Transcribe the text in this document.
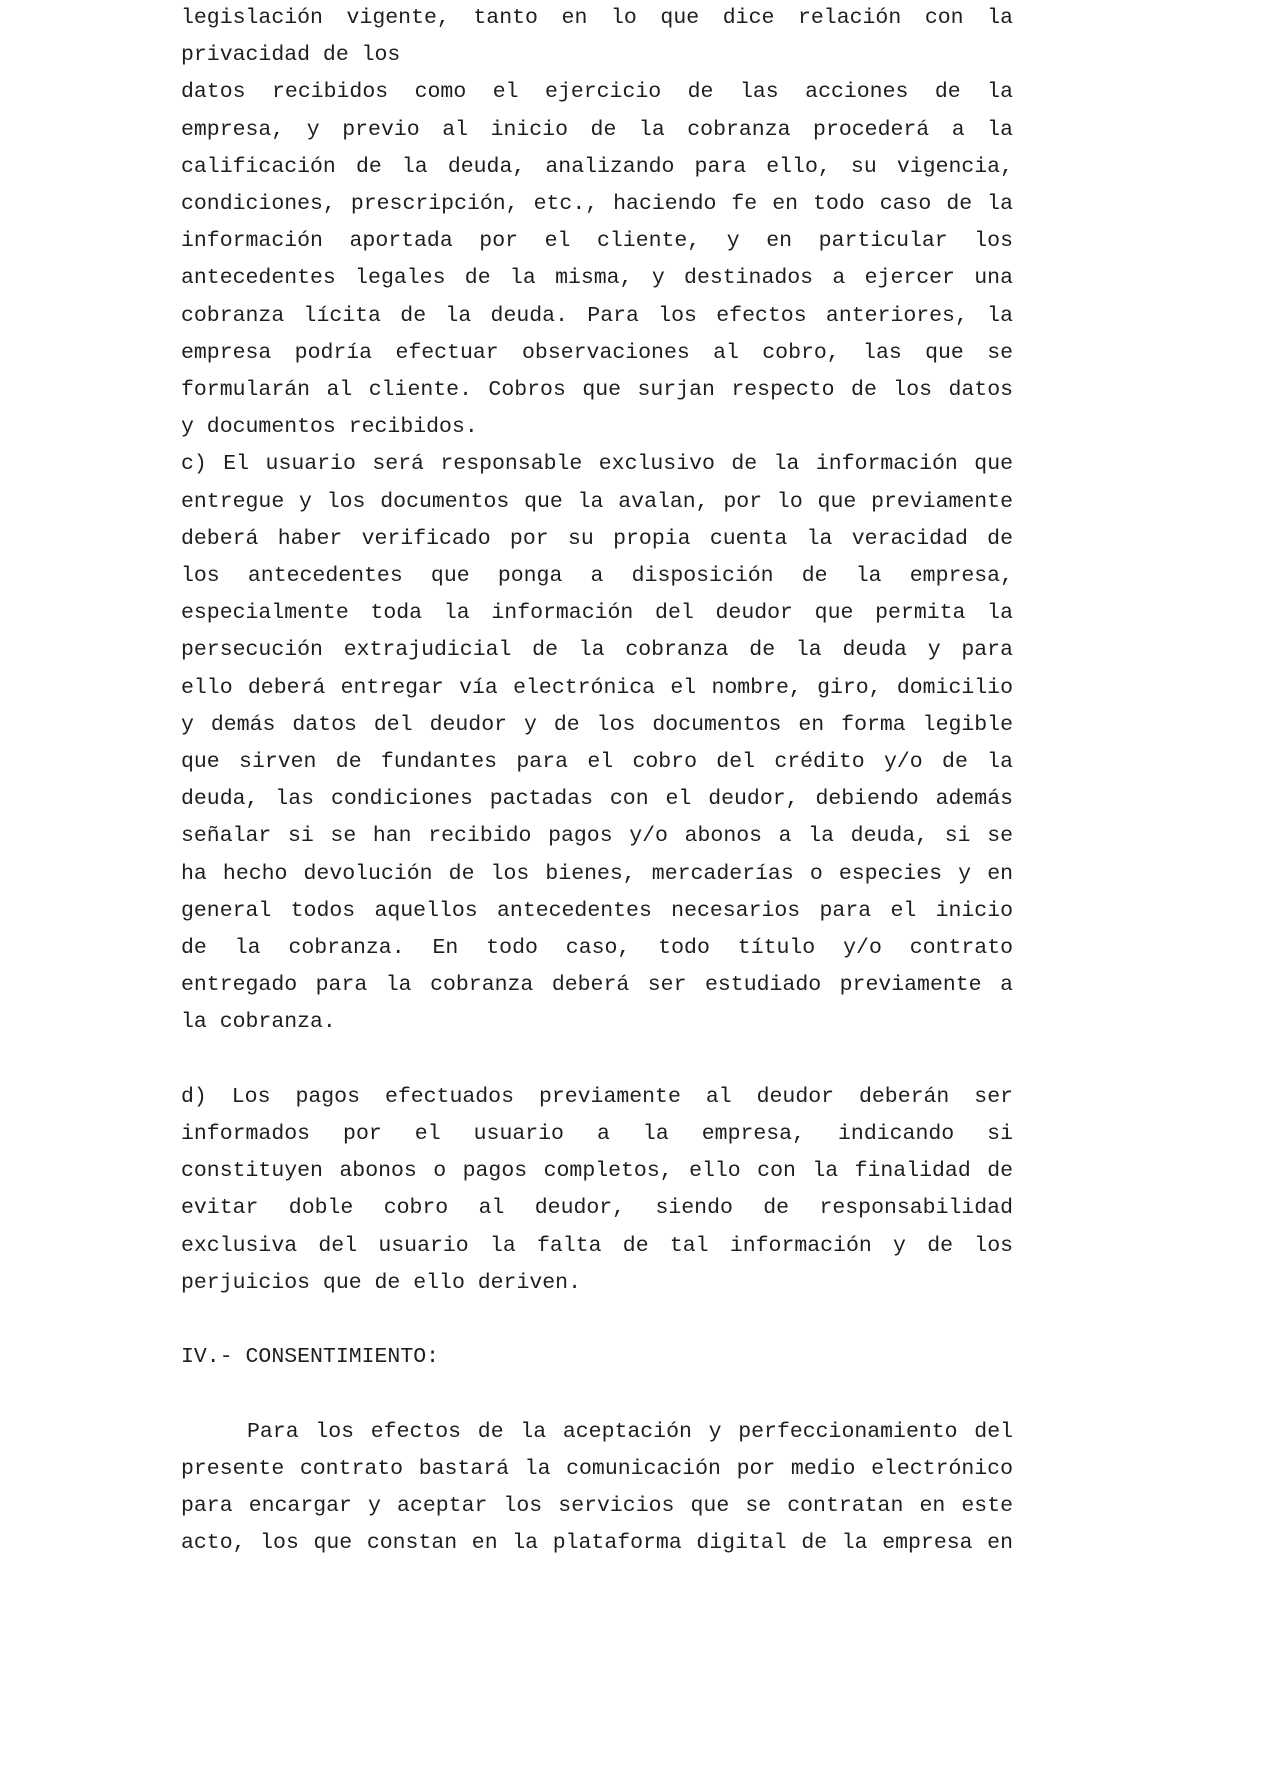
legislación vigente, tanto en lo que dice relación con la
privacidad de los
datos recibidos como el ejercicio de las acciones de la
empresa, y previo al inicio de la cobranza procederá a la
calificación de la deuda, analizando para ello, su vigencia,
condiciones, prescripción, etc., haciendo fe en todo caso de la
información aportada por el cliente, y en particular los
antecedentes legales de la misma, y destinados a ejercer una
cobranza lícita de la deuda. Para los efectos anteriores, la
empresa podría efectuar observaciones al cobro, las que se
formularán al cliente. Cobros que surjan respecto de los datos
y documentos recibidos.
c) El usuario será responsable exclusivo de la información que
entregue y los documentos que la avalan, por lo que previamente
deberá haber verificado por su propia cuenta la veracidad de
los antecedentes que ponga a disposición de la empresa,
especialmente toda la información del deudor que permita la
persecución extrajudicial de la cobranza de la deuda y para
ello deberá entregar vía electrónica el nombre, giro, domicilio
y demás datos del deudor y de los documentos en forma legible
que sirven de fundantes para el cobro del crédito y/o de la
deuda, las condiciones pactadas con el deudor, debiendo además
señalar si se han recibido pagos y/o abonos a la deuda, si se
ha hecho devolución de los bienes, mercaderías o especies y en
general todos aquellos antecedentes necesarios para el inicio
de la cobranza. En todo caso, todo título y/o contrato
entregado para la cobranza deberá ser estudiado previamente a
la cobranza.
d) Los pagos efectuados previamente al deudor deberán ser
informados por el usuario a la empresa, indicando si
constituyen abonos o pagos completos, ello con la finalidad de
evitar doble cobro al deudor, siendo de responsabilidad
exclusiva del usuario la falta de tal información y de los
perjuicios que de ello deriven.
IV.- CONSENTIMIENTO:
Para los efectos de la aceptación y perfeccionamiento del
presente contrato bastará la comunicación por medio electrónico
para encargar y aceptar los servicios que se contratan en este
acto, los que constan en la plataforma digital de la empresa en
